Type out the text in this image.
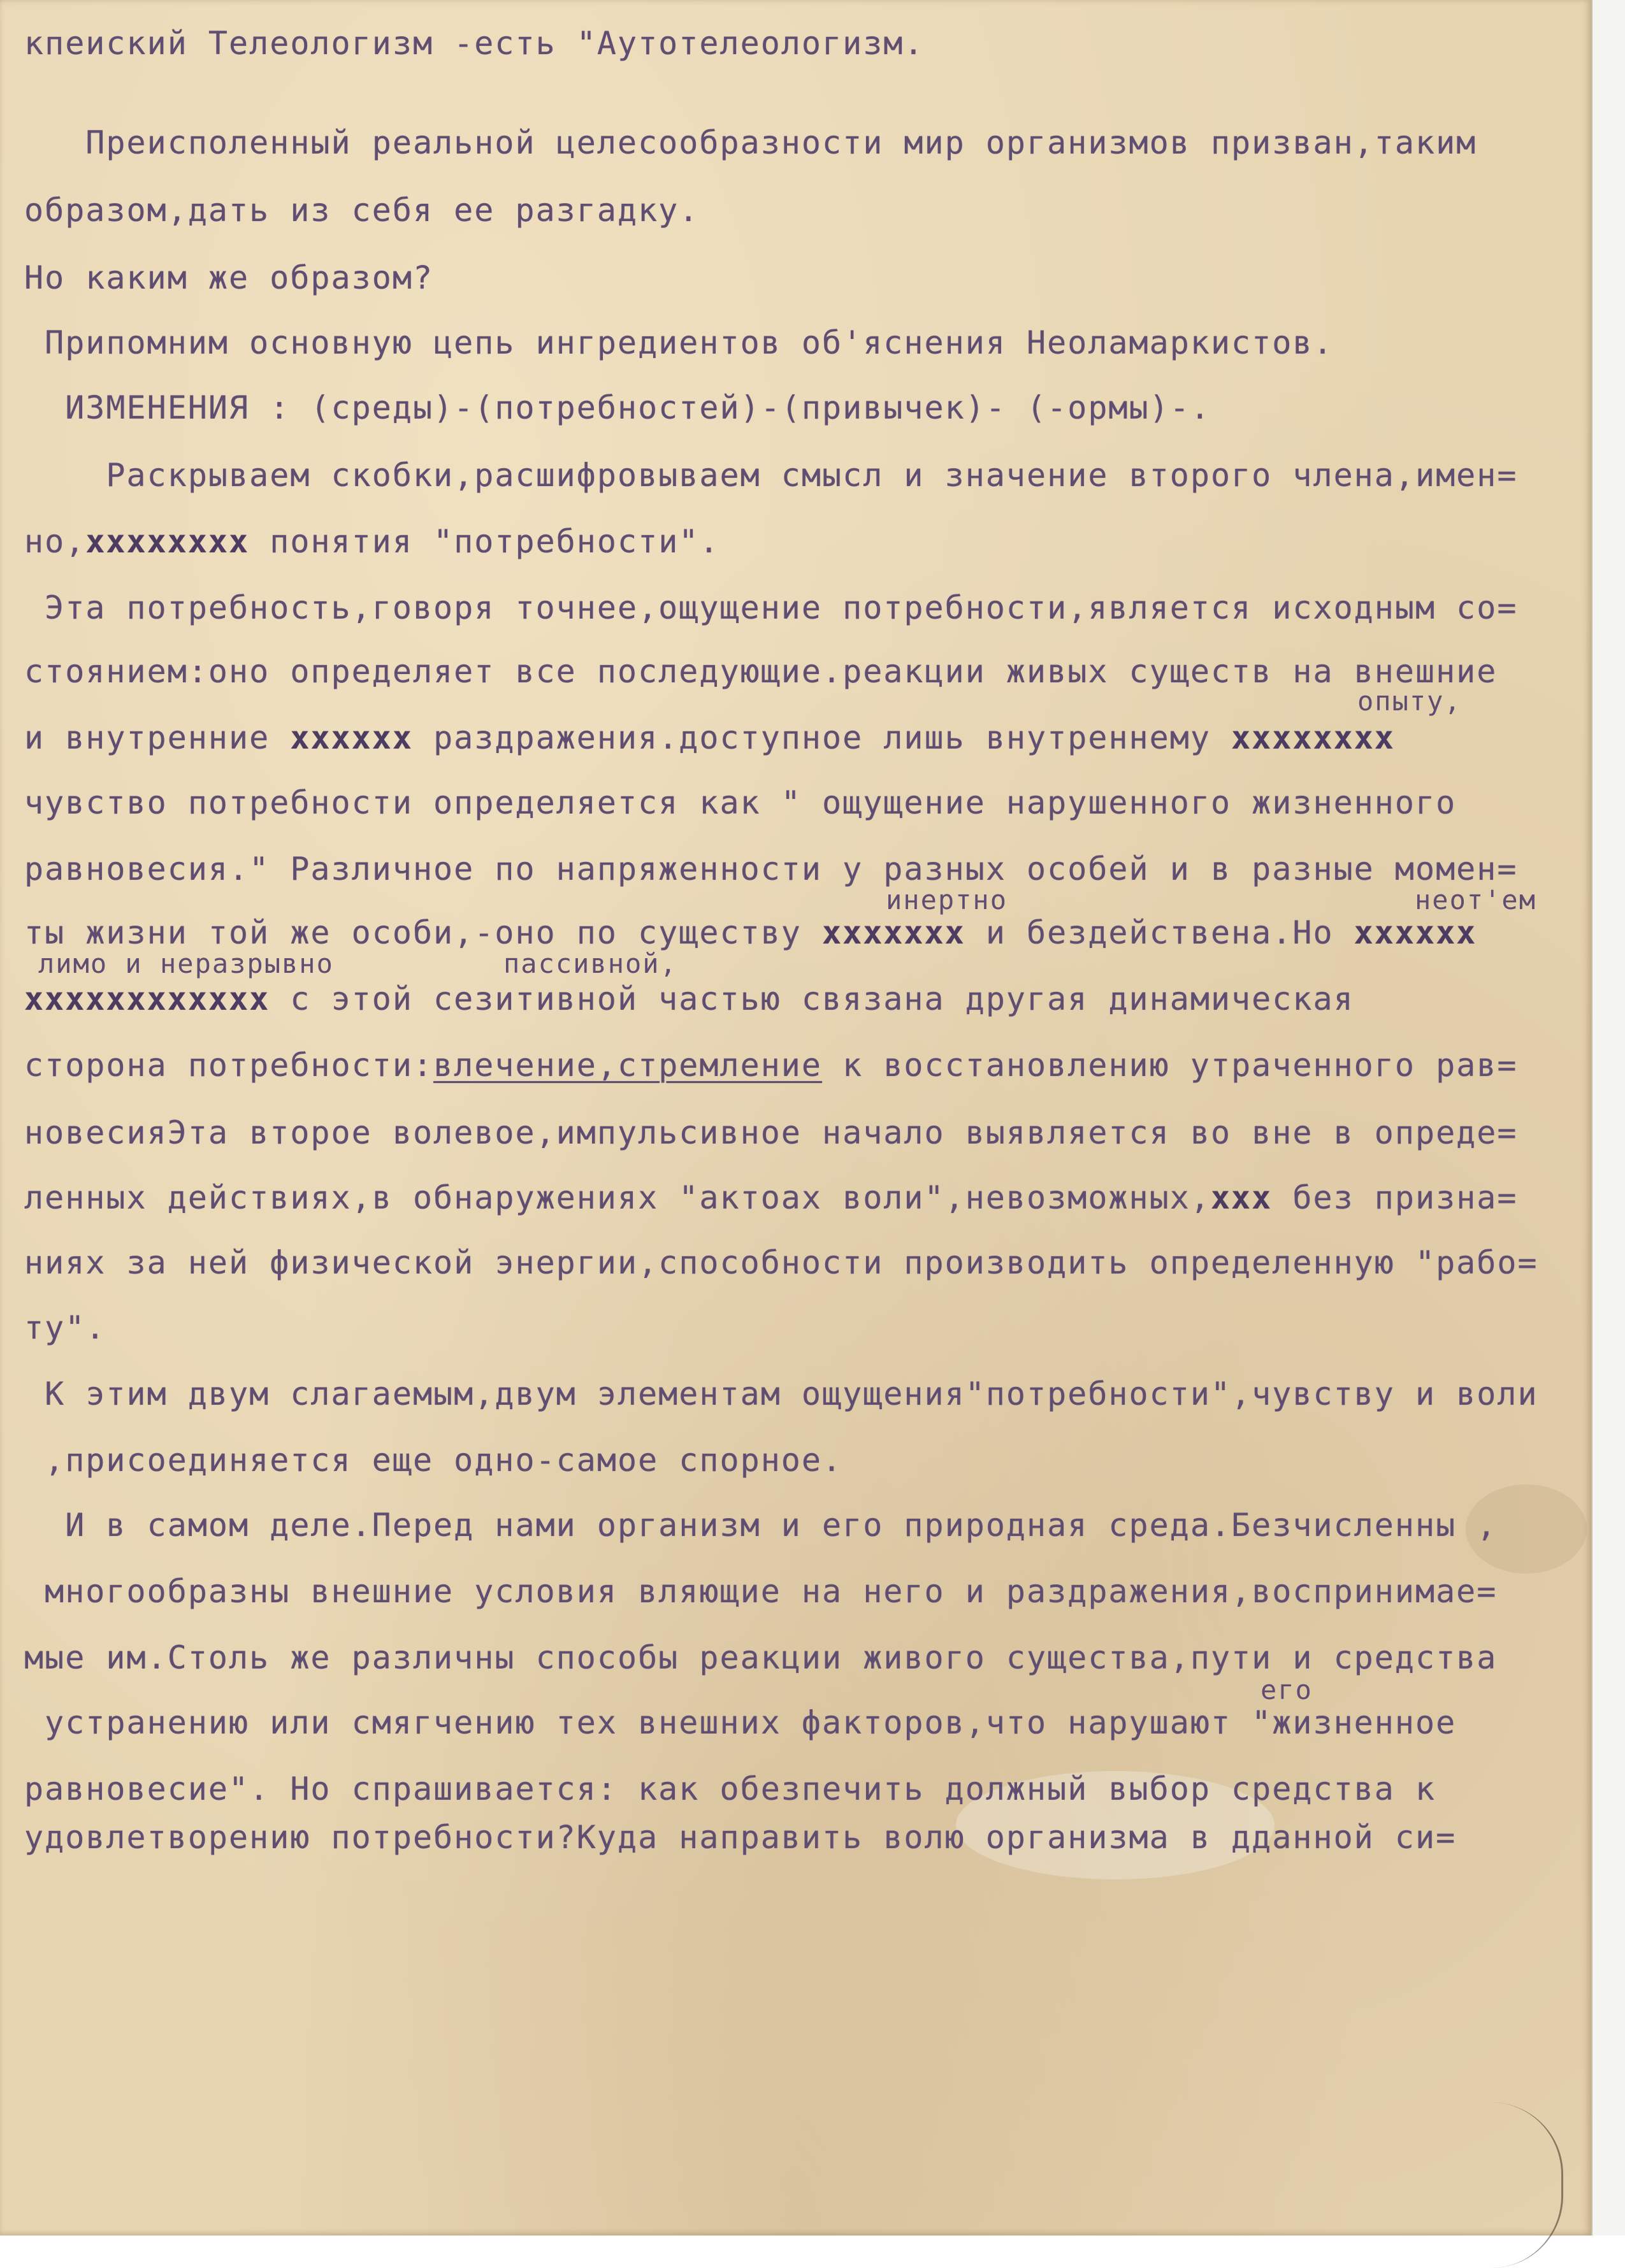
кпеиский Телеологизм -есть "Аутотелеологизм.
Преисполенный реальной целесообразности мир организмов призван,таким
образом,дать из себя ее разгадку.
Но каким же образом?
Припомним основную цепь ингредиентов об'яснения Неоламаркистов.
ИЗМЕНЕНИЯ : (среды)-(потребностей)-(привычек)- (-ормы)-.
Раскрываем скобки,расшифровываем смысл и значение второго члена,имен=
но,хххххххх понятия "потребности".
Эта потребность,говоря точнее,ощущение потребности,является исходным со=
стоянием:оно определяет все последующие.реакции живых существ на внешние
опыту,
и внутренние хххххх раздражения.доступное лишь внутреннему хххххххх
чувство потребности определяется как " ощущение нарушенного жизненного
равновесия." Различное по напряженности у разных особей и в разные момен=
инертно	неот'ем
ты жизни той же особи,-оно по существу ххххххх и бездействена.Но хххххх
лимо и неразрывно	пассивной,
хххххххххххх с этой сезитивной частью связана другая динамическая
сторона потребности:влечение,стремление к восстановлению утраченного рав=
новесияЭта второе волевое,импульсивное начало выявляется во вне в опреде=
ленных действиях,в обнаружениях "актоах воли",невозможных,ххх без призна=
ниях за ней физической энергии,способности производить определенную "рабо=
ту".
К этим двум слагаемым,двум элементам ощущения"потребности",чувству и воли
,присоединяется еще одно-самое спорное.
И в самом деле.Перед нами организм и его природная среда.Безчисленны ,
многообразны внешние условия вляющие на него и раздражения,воспринимае=
мые им.Столь же различны способы реакции живого существа,пути и средства
его
устранению или смягчению тех внешних факторов,что нарушают "жизненное
равновесие". Но спрашивается: как обезпечить должный выбор средства к
удовлетворению потребности?Куда направить волю организма в дданной си=
